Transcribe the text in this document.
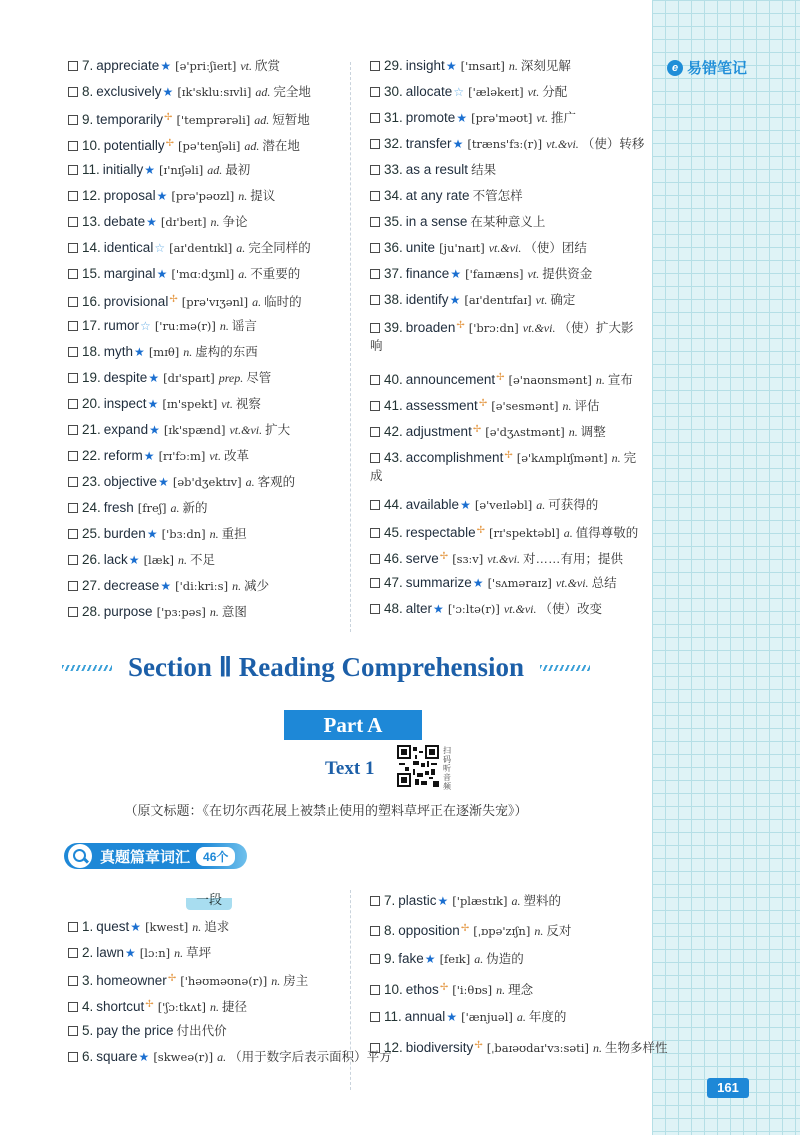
e 易错笔记
7. appreciate★ [ə'priːʃieɪt] vt. 欣赏
8. exclusively★ [ɪk'skluːsɪvli] ad. 完全地
9. temporarily✢ ['temprərəli] ad. 短暂地
10. potentially✢ [pə'tenʃəli] ad. 潜在地
11. initially★ [ɪ'nɪʃəli] ad. 最初
12. proposal★ [prə'pəʊzl] n. 提议
13. debate★ [dɪ'beɪt] n. 争论
14. identical☆ [aɪ'dentɪkl] a. 完全同样的
15. marginal★ ['mɑːdʒɪnl] a. 不重要的
16. provisional✢ [prə'vɪʒənl] a. 临时的
17. rumor☆ ['ruːmə(r)] n. 谣言
18. myth★ [mɪθ] n. 虚构的东西
19. despite★ [dɪ'spaɪt] prep. 尽管
20. inspect★ [ɪn'spekt] vt. 视察
21. expand★ [ɪk'spænd] vt.&vi. 扩大
22. reform★ [rɪ'fɔːm] vt. 改革
23. objective★ [əb'dʒektɪv] a. 客观的
24. fresh [freʃ] a. 新的
25. burden★ ['bɜːdn] n. 重担
26. lack★ [læk] n. 不足
27. decrease★ ['diːkriːs] n. 减少
28. purpose ['pɜːpəs] n. 意图
29. insight★ ['ɪnsaɪt] n. 深刻见解
30. allocate☆ ['æləkeɪt] vt. 分配
31. promote★ [prə'məʊt] vt. 推广
32. transfer★ [træns'fɜː(r)] vt.&vi. （使）转移
33. as a result 结果
34. at any rate 不管怎样
35. in a sense 在某种意义上
36. unite [ju'naɪt] vt.&vi. （使）团结
37. finance★ ['faɪnæns] vt. 提供资金
38. identify★ [aɪ'dentɪfaɪ] vt. 确定
39. broaden✢ ['brɔːdn] vt.&vi. （使）扩大影响
40. announcement✢ [ə'naʊnsmənt] n. 宣布
41. assessment✢ [ə'sesmənt] n. 评估
42. adjustment✢ [ə'dʒʌstmənt] n. 调整
43. accomplishment✢ [ə'kʌmplɪʃmənt] n. 完成
44. available★ [ə'veɪləbl] a. 可获得的
45. respectable✢ [rɪ'spektəbl] a. 值得尊敬的
46. serve✢ [sɜːv] vt.&vi. 对……有用；提供
47. summarize★ ['sʌməraɪz] vt.&vi. 总结
48. alter★ ['ɔːltə(r)] vt.&vi. （使）改变
Section Ⅱ Reading Comprehension
Part A
Text 1
扫码听音频
（原文标题：《在切尔西花展上被禁止使用的塑料草坪正在逐渐失宠》）
真题篇章词汇	46个
一段
1. quest★ [kwest] n. 追求
2. lawn★ [lɔːn] n. 草坪
3. homeowner✢ ['həʊməʊnə(r)] n. 房主
4. shortcut✢ ['ʃɔːtkʌt] n. 捷径
5. pay the price 付出代价
6. square★ [skweə(r)] a. （用于数字后表示面积）平方
7. plastic★ ['plæstɪk] a. 塑料的
8. opposition✢ [ˌɒpə'zɪʃn] n. 反对
9. fake★ [feɪk] a. 伪造的
10. ethos✢ ['iːθɒs] n. 理念
11. annual★ ['ænjuəl] a. 年度的
12. biodiversity✢ [ˌbaɪəʊdaɪ'vɜːsəti] n. 生物多样性
161
